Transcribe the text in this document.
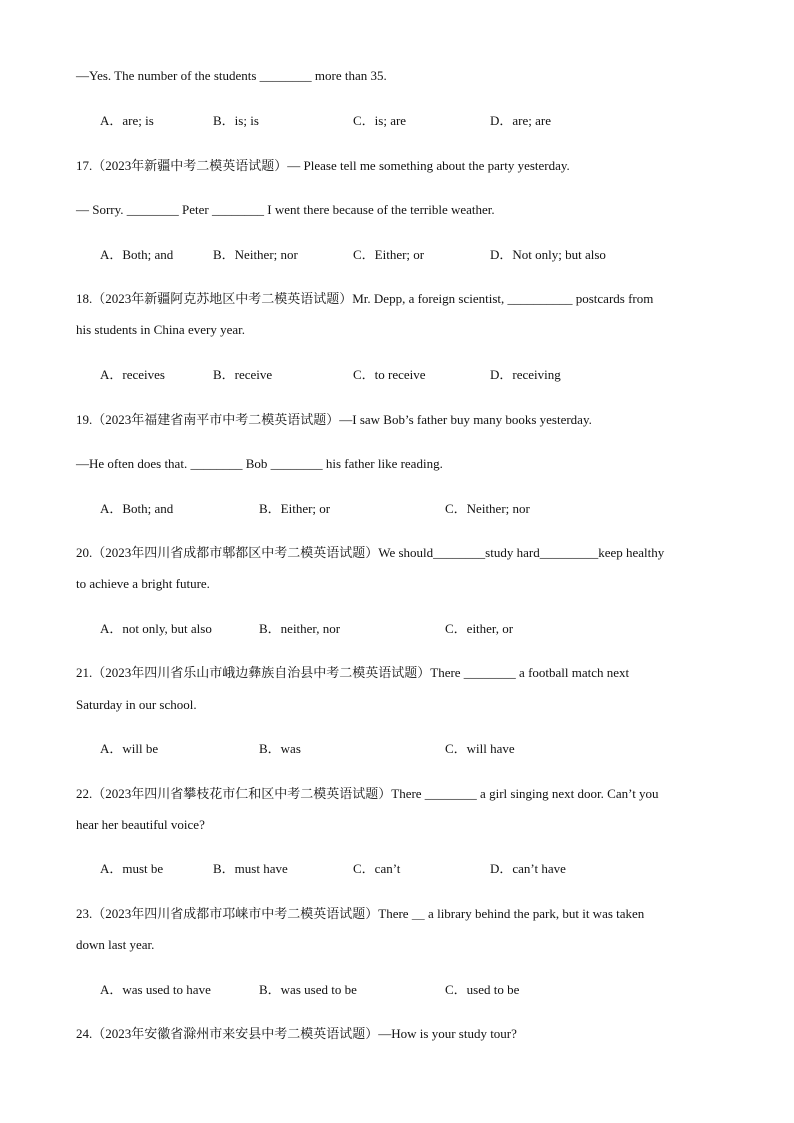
—Yes. The number of the students ________ more than 35.
A．are; is	B．is; is	C．is; are	D．are; are
17.（2023年新疆中考二模英语试题）— Please tell me something about the party yesterday.
— Sorry. ________ Peter ________ I went there because of the terrible weather.
A．Both; and	B．Neither; nor	C．Either; or	D．Not only; but also
18.（2023年新疆阿克苏地区中考二模英语试题）Mr. Depp, a foreign scientist, __________ postcards from
his students in China every year.
A．receives	B．receive	C．to receive	D．receiving
19.（2023年福建省南平市中考二模英语试题）—I saw Bob’s father buy many books yesterday.
—He often does that. ________ Bob ________ his father like reading.
A．Both; and	B．Either; or	C．Neither; nor
20.（2023年四川省成都市郫都区中考二模英语试题）We should________study hard_________keep healthy
to achieve a bright future.
A．not only, but also	B．neither, nor	C．either, or
21.（2023年四川省乐山市峨边彝族自治县中考二模英语试题）There ________ a football match next
Saturday in our school.
A．will be	B．was	C．will have
22.（2023年四川省攀枝花市仁和区中考二模英语试题）There ________ a girl singing next door. Can’t you
hear her beautiful voice?
A．must be	B．must have	C．can’t	D．can’t have
23.（2023年四川省成都市邛崃市中考二模英语试题）There ＿ a library behind the park, but it was taken
down last year.
A．was used to have	B．was used to be	C．used to be
24.（2023年安徽省滁州市来安县中考二模英语试题）—How is your study tour?
